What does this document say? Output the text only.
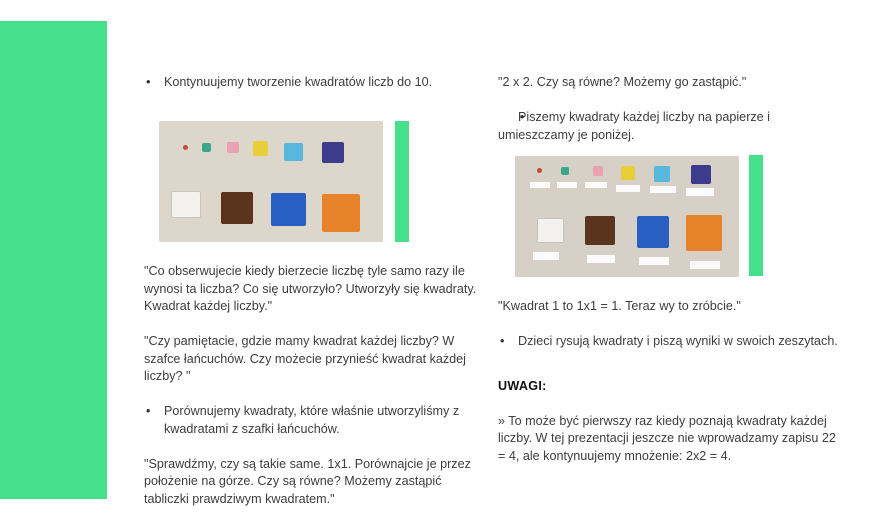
• Kontynuujemy tworzenie kwadratów liczb do 10.

"Co obserwujecie kiedy bierzecie liczbę tyle samo razy ile wynosi ta liczba? Co się utworzyło? Utworzyły się kwadraty. Kwadrat każdej liczby."

"Czy pamiętacie, gdzie mamy kwadrat każdej liczby? W szafce łańcuchów. Czy możecie przynieść kwadrat każdej liczby? "

• Porównujemy kwadraty, które właśnie utworzyliśmy z kwadratami z szafki łańcuchów.

"Sprawdźmy, czy są takie same. 1x1. Porównajcie je przez położenie na górze. Czy są równe? Możemy zastąpić tabliczki prawdziwym kwadratem."

"2 x 2. Czy są równe? Możemy go zastąpić."

• Piszemy kwadraty każdej liczby na papierze i umieszczamy je poniżej.

"Kwadrat 1 to 1x1 = 1. Teraz wy to zróbcie."

• Dzieci rysują kwadraty i piszą wyniki w swoich zeszytach.

UWAGI:

» To może być pierwszy raz kiedy poznają kwadraty każdej liczby. W tej prezentacji jeszcze nie wprowadzamy zapisu 22 = 4, ale kontynuujemy mnożenie: 2x2 = 4.
